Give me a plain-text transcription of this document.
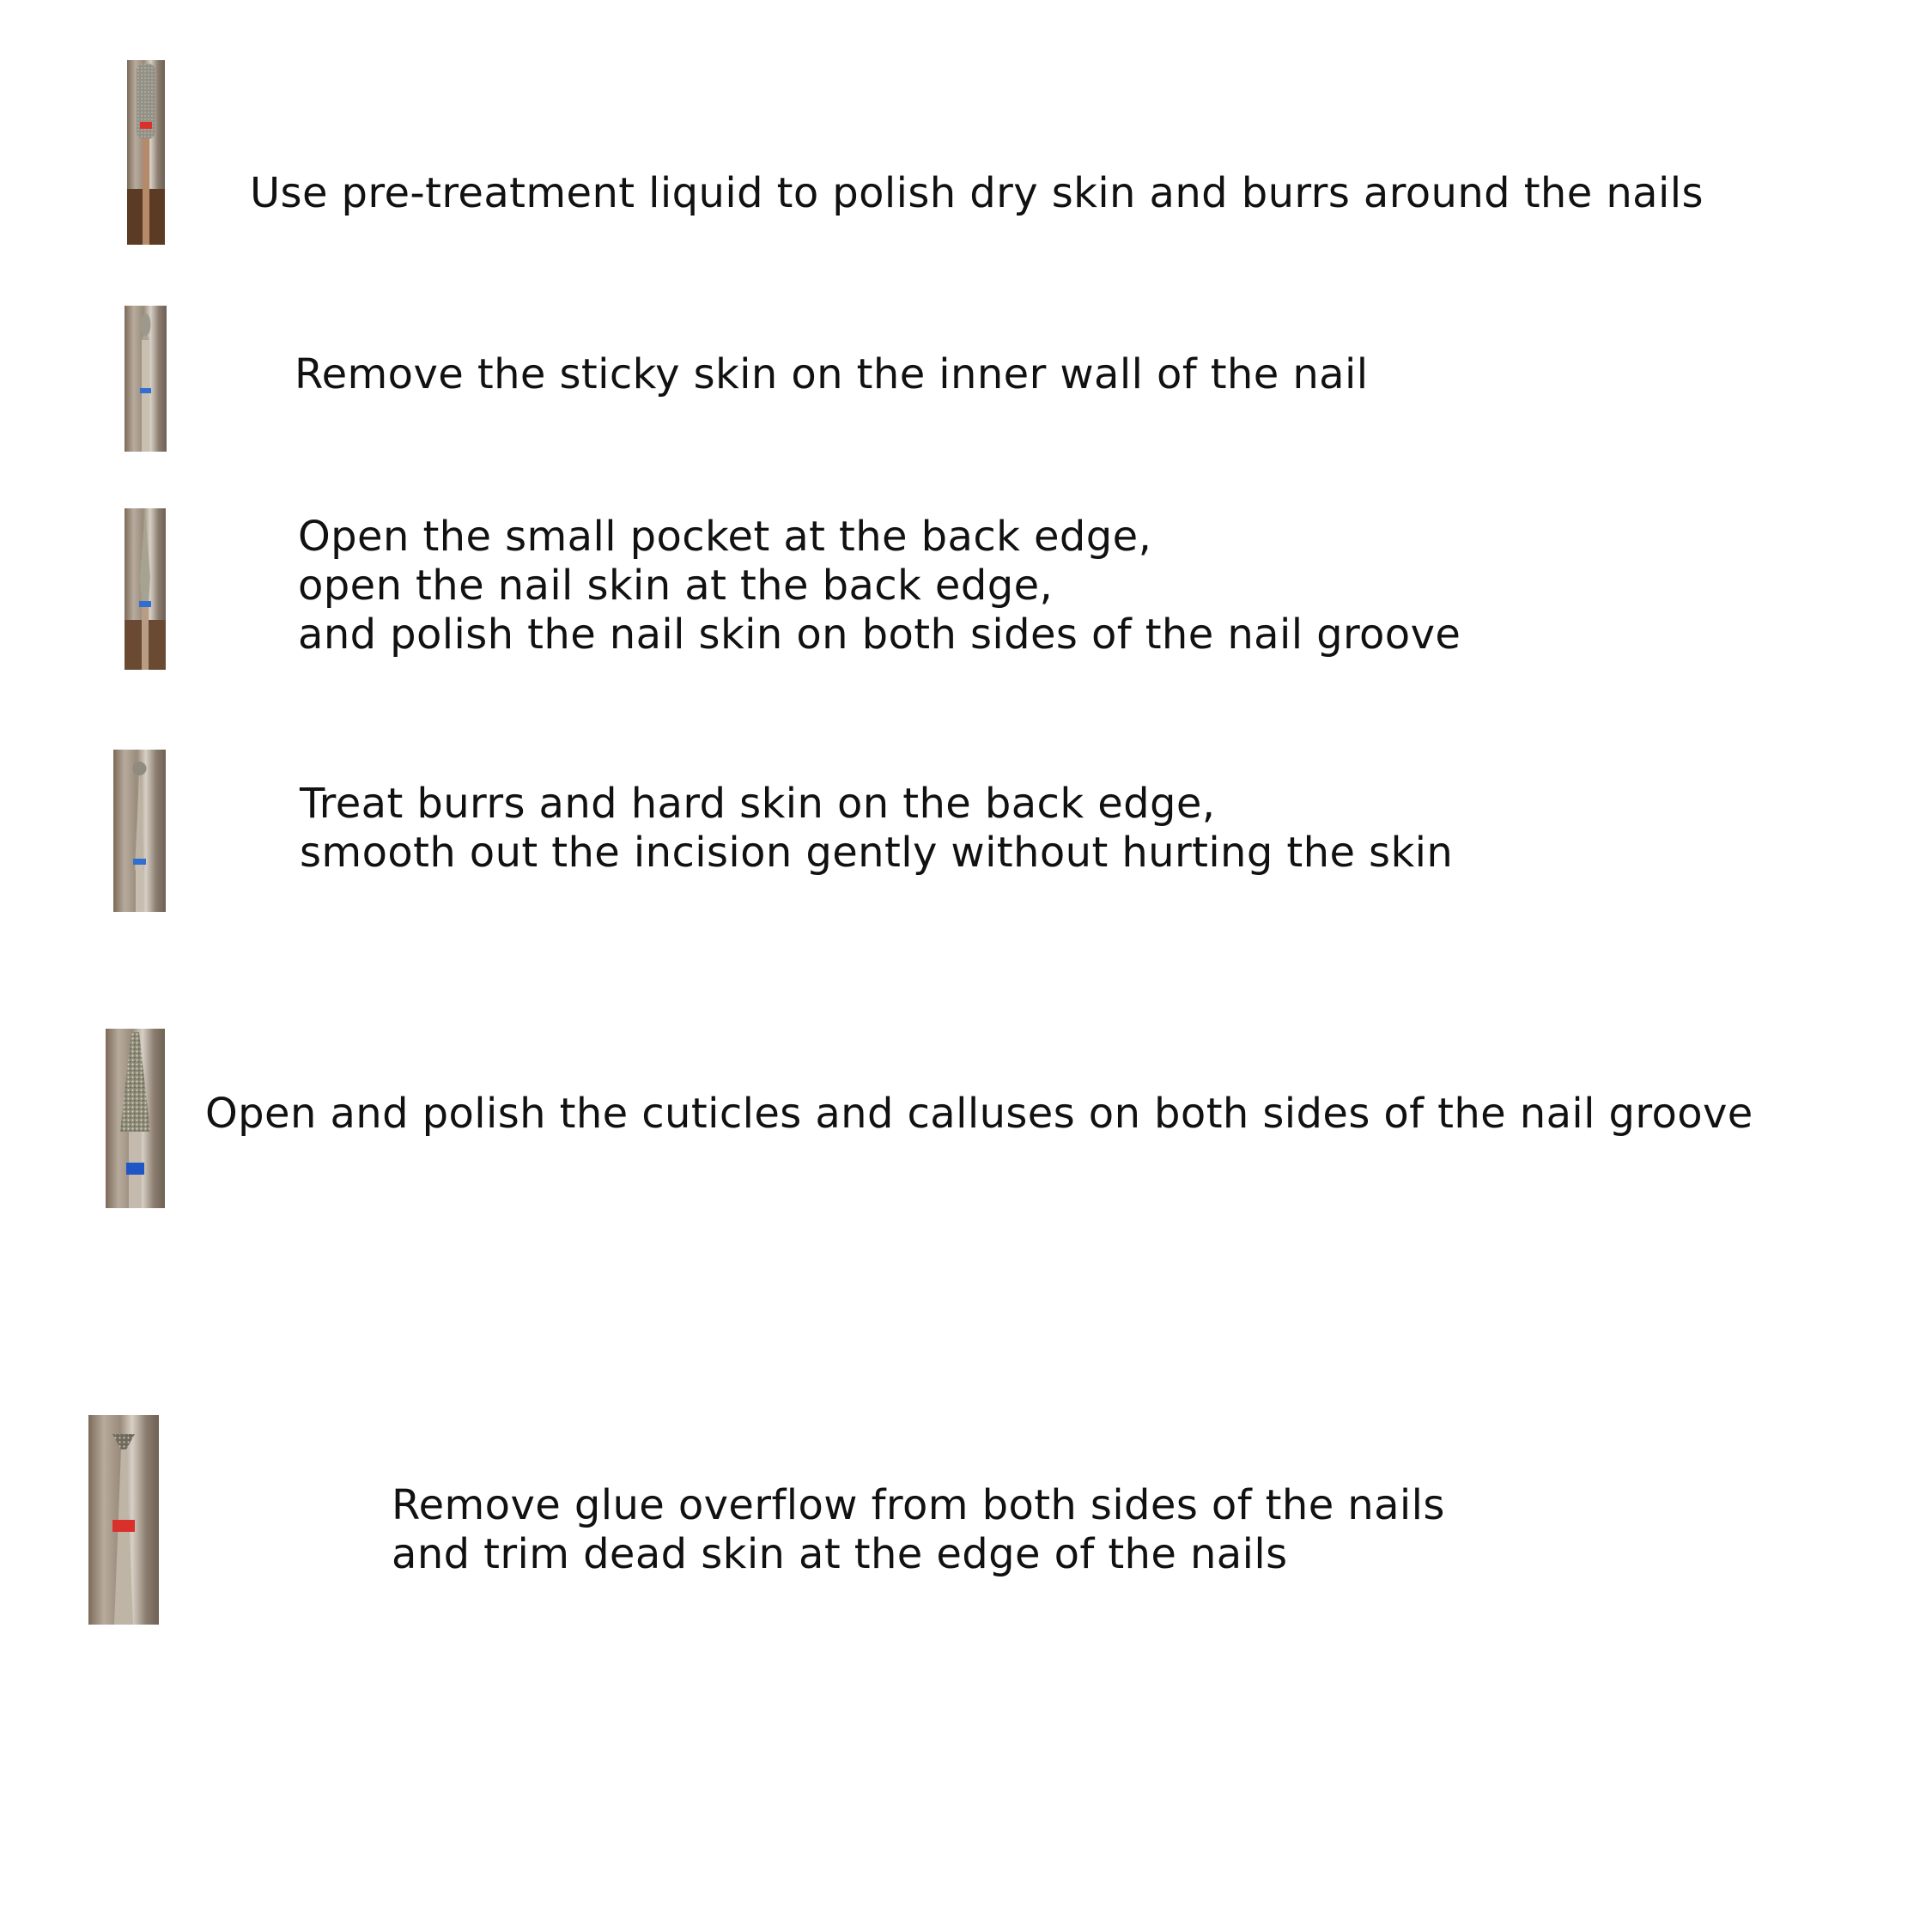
Use pre-treatment liquid to polish dry skin and burrs around the nails
Remove the sticky skin on the inner wall of the nail
Open the small pocket at the back edge,
open the nail skin at the back edge,
and polish the nail skin on both sides of the nail groove
Treat burrs and hard skin on the back edge,
smooth out the incision gently without hurting the skin
Open and polish the cuticles and calluses on both sides of the nail groove
Remove glue overflow from both sides of the nails
and trim dead skin at the edge of the nails
